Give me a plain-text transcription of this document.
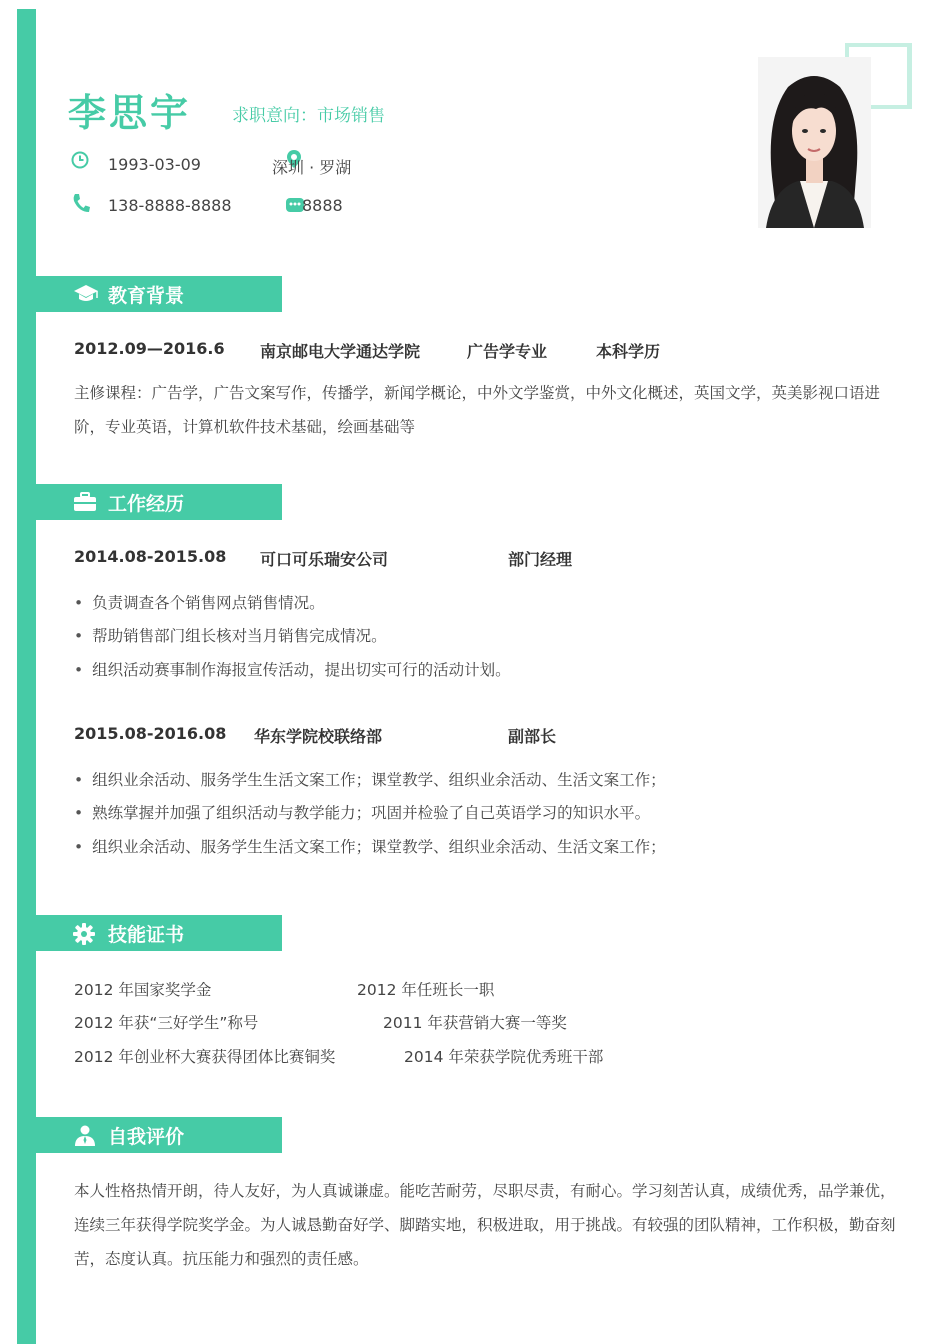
李思宇 求职意向：市场销售
1993-03-09	深圳 · 罗湖
138-8888-8888	8888
教育背景
2012.09—2016.6 南京邮电大学通达学院	广告学专业	本科学历
主修课程：广告学，广告文案写作，传播学，新闻学概论，中外文学鉴赏，中外文化概述，英国文学，英美影视口语进阶，专业英语，计算机软件技术基础，绘画基础等
工作经历
2014.08-2015.08 可口可乐瑞安公司	部门经理
• 负责调查各个销售网点销售情况。
• 帮助销售部门组长核对当月销售完成情况。
• 组织活动赛事制作海报宣传活动，提出切实可行的活动计划。
2015.08-2016.08 华东学院校联络部	副部长
• 组织业余活动、服务学生生活文案工作；课堂教学、组织业余活动、生活文案工作；
• 熟练掌握并加强了组织活动与教学能力；巩固并检验了自己英语学习的知识水平。
• 组织业余活动、服务学生生活文案工作；课堂教学、组织业余活动、生活文案工作；
技能证书
2012 年国家奖学金	2012 年任班长一职
2012 年获“三好学生”称号	2011 年获营销大赛一等奖
2012 年创业杯大赛获得团体比赛铜奖	2014 年荣获学院优秀班干部
自我评价
本人性格热情开朗，待人友好，为人真诚谦虚。能吃苦耐劳，尽职尽责，有耐心。学习刻苦认真，成绩优秀，品学兼优，连续三年获得学院奖学金。为人诚恳勤奋好学、脚踏实地，积极进取，用于挑战。有较强的团队精神，工作积极，勤奋刻苦，态度认真。抗压能力和强烈的责任感。
